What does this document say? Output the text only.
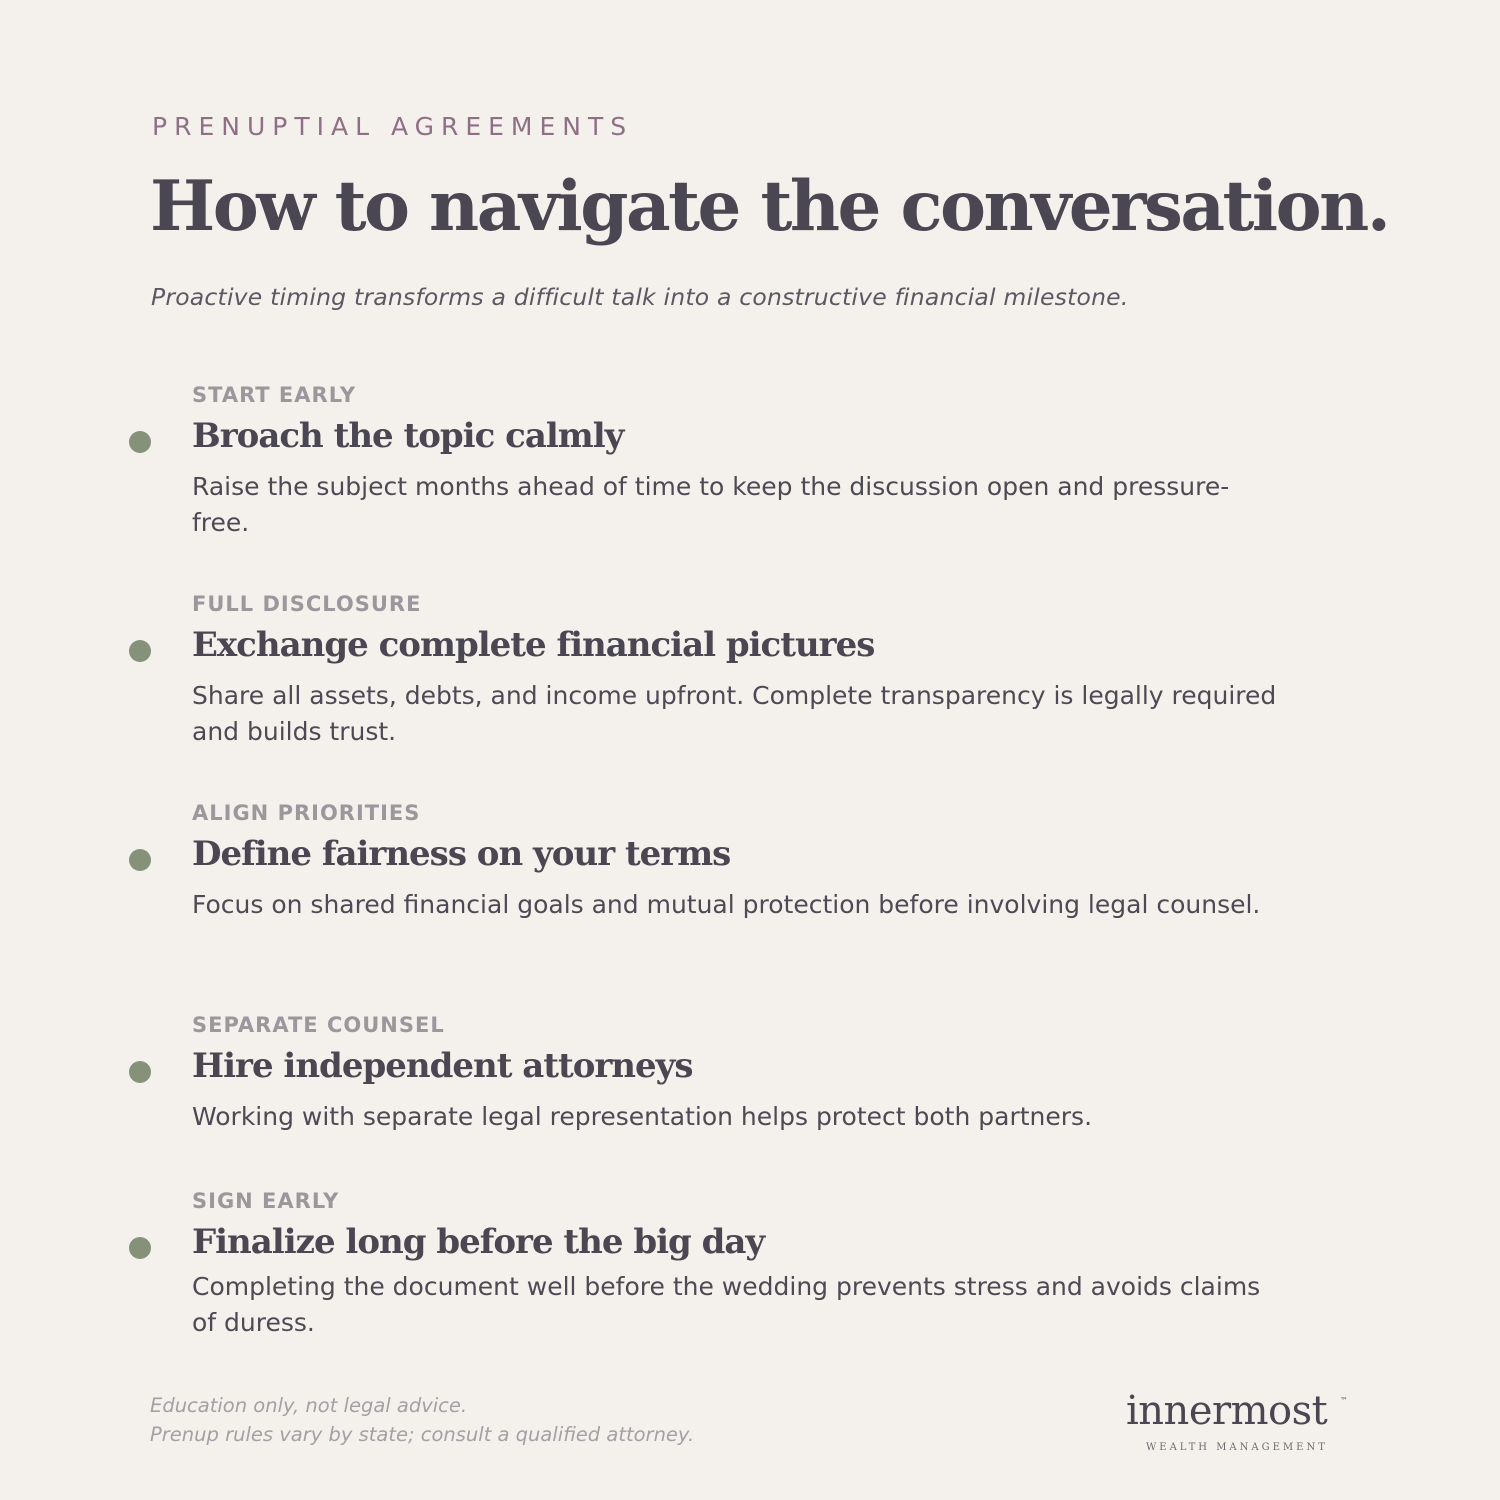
PRENUPTIAL AGREEMENTS
How to navigate the conversation.
Proactive timing transforms a difficult talk into a constructive financial milestone.
START EARLY
Broach the topic calmly
Raise the subject months ahead of time to keep the discussion open and pressure-free.
FULL DISCLOSURE
Exchange complete financial pictures
Share all assets, debts, and income upfront. Complete transparency is legally required and builds trust.
ALIGN PRIORITIES
Define fairness on your terms
Focus on shared financial goals and mutual protection before involving legal counsel.
SEPARATE COUNSEL
Hire independent attorneys
Working with separate legal representation helps protect both partners.
SIGN EARLY
Finalize long before the big day
Completing the document well before the wedding prevents stress and avoids claims of duress.
Education only, not legal advice.
Prenup rules vary by state; consult a qualified attorney.
innermost ™
WEALTH MANAGEMENT
